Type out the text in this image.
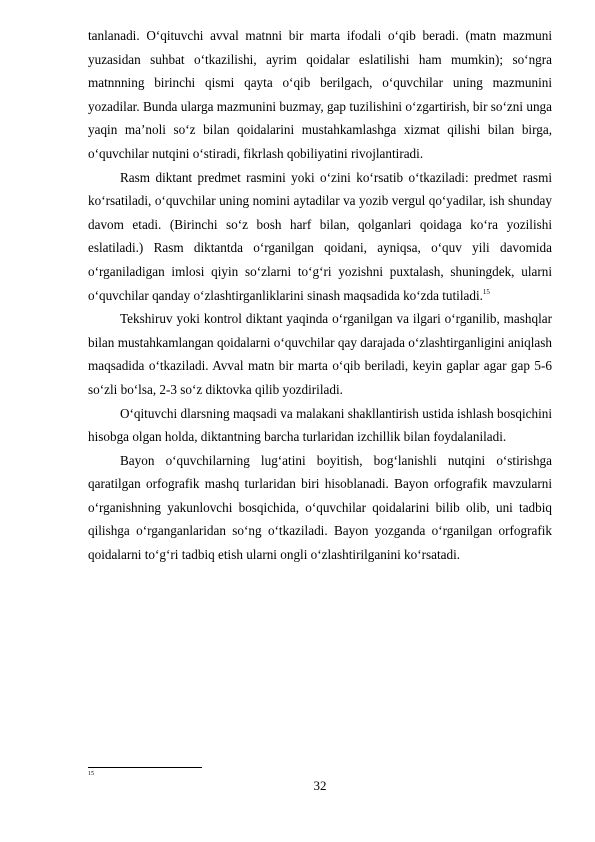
tanlanadi. O‘qituvchi avval matnni bir marta ifodali o‘qib beradi. (matn mazmuni yuzasidan suhbat o‘tkazilishi, ayrim qoidalar eslatilishi ham mumkin); so‘ngra matnnning birinchi qismi qayta o‘qib berilgach, o‘quvchilar uning mazmunini yozadilar. Bunda ularga mazmunini buzmay, gap tuzilishini o‘zgartirish, bir so‘zni unga yaqin ma’noli so‘z bilan qoidalarini mustahkamlashga xizmat qilishi bilan birga, o‘quvchilar nutqini o‘stiradi, fikrlash qobiliyatini rivojlantiradi.

Rasm diktant predmet rasmini yoki o‘zini ko‘rsatib o‘tkaziladi: predmet rasmi ko‘rsatiladi, o‘quvchilar uning nomini aytadilar va yozib vergul qo‘yadilar, ish shunday davom etadi. (Birinchi so‘z bosh harf bilan, qolganlari qoidaga ko‘ra yozilishi eslatiladi.) Rasm diktantda o‘rganilgan qoidani, ayniqsa, o‘quv yili davomida o‘rganiladigan imlosi qiyin so‘zlarni to‘g‘ri yozishni puxtalash, shuningdek, ularni o‘quvchilar qanday o‘zlashtirganliklarini sinash maqsadida ko‘zda tutiladi.$^{15}$

Tekshiruv yoki kontrol diktant yaqinda o‘rganilgan va ilgari o‘rganilib, mashqlar bilan mustahkamlangan qoidalarni o‘quvchilar qay darajada o‘zlashtirganligini aniqlash maqsadida o‘tkaziladi. Avval matn bir marta o‘qib beriladi, keyin gaplar agar gap 5-6 so‘zli bo‘lsa, 2-3 so‘z diktovka qilib yozdiriladi.

O‘qituvchi dlarsning maqsadi va malakani shakllantirish ustida ishlash bosqichini hisobga olgan holda, diktantning barcha turlaridan izchillik bilan foydalaniladi.

Bayon o‘quvchilarning lug‘atini boyitish, bog‘lanishli nutqini o‘stirishga qaratilgan orfografik mashq turlaridan biri hisoblanadi. Bayon orfografik mavzularni o‘rganishning yakunlovchi bosqichida, o‘quvchilar qoidalarini bilib olib, uni tadbiq qilishga o‘rganganlaridan so‘ng o‘tkaziladi. Bayon yozganda o‘rganilgan orfografik qoidalarni to‘g‘ri tadbiq etish ularni ongli o‘zlashtirilganini ko‘rsatadi.

15
32
